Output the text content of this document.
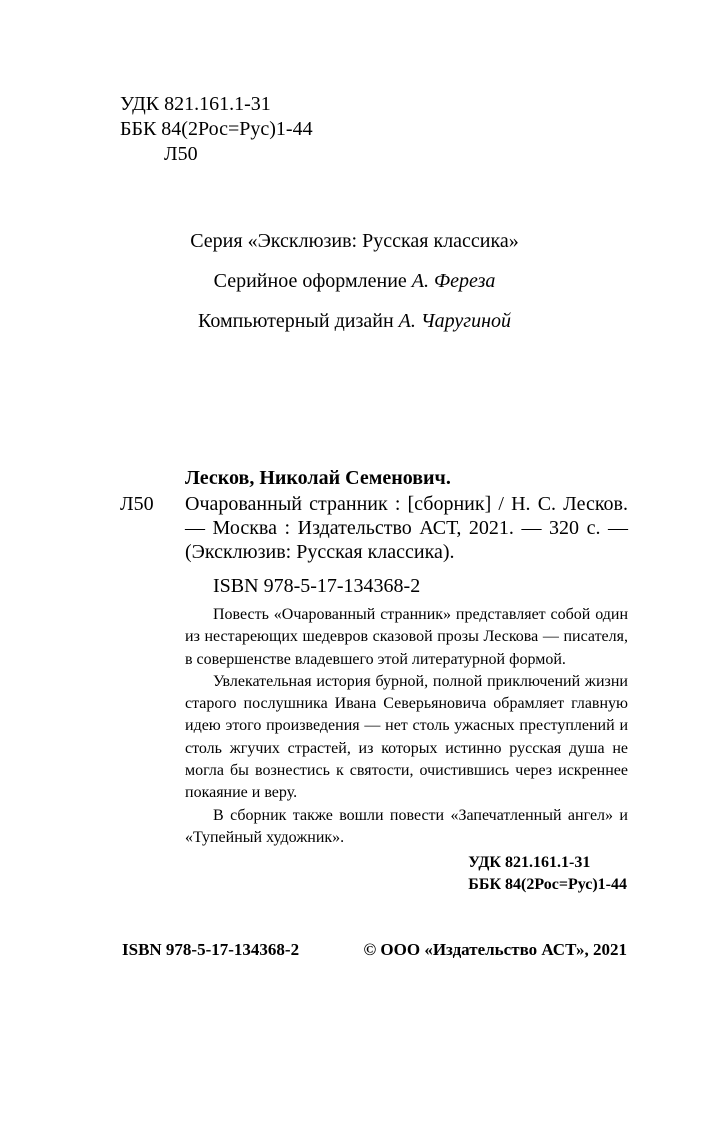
УДК 821.161.1-31
ББК 84(2Рос=Рус)1-44
Л50
Серия «Эксклюзив: Русская классика»
Серийное оформление А. Фереза
Компьютерный дизайн А. Чаругиной
Лесков, Николай Семенович.
Л50 Очарованный странник : [сборник] / Н. С. Лесков. — Москва : Издательство АСТ, 2021. — 320 с. — (Эксклюзив: Русская классика).
ISBN 978-5-17-134368-2

Повесть «Очарованный странник» представляет собой один из нестареющих шедевров сказовой прозы Лескова — писателя, в совершенстве владевшего этой литературной формой.

Увлекательная история бурной, полной приключений жизни старого послушника Ивана Северьяновича обрамляет главную идею этого произведения — нет столь ужасных преступлений и столь жгучих страстей, из которых истинно русская душа не могла бы вознестись к святости, очистившись через искреннее покаяние и веру.

В сборник также вошли повести «Запечатленный ангел» и «Тупейный художник».

УДК 821.161.1-31
ББК 84(2Рос=Рус)1-44
ISBN 978-5-17-134368-2	© ООО «Издательство АСТ», 2021
